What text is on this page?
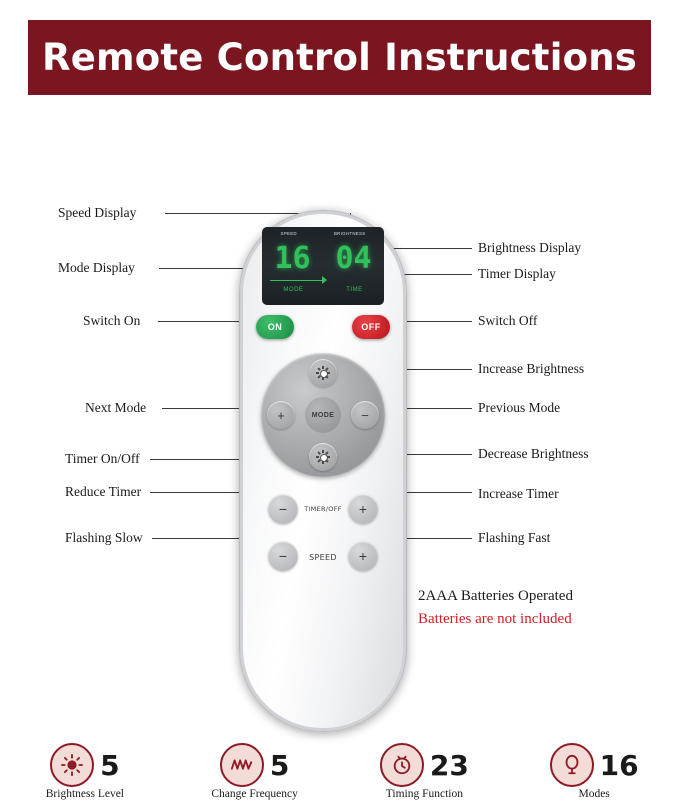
Remote Control Instructions
Speed Display
Mode Display
Switch On
Next Mode
Timer On/Off
Reduce Timer
Flashing Slow
Brightness Display
Timer Display
Switch Off
Increase Brightness
Previous Mode
Decrease Brightness
Increase Timer
Flashing Fast
SPEED	BRIGHTNESS
16 04
MODE	TIME
ON	OFF
+	−
MODE
−	+
TIMER/OFF
−	+
SPEED
2AAA Batteries Operated
Batteries are not included
5
Brightness Level
5
Change Frequency
23
Timing Function
16
Modes
